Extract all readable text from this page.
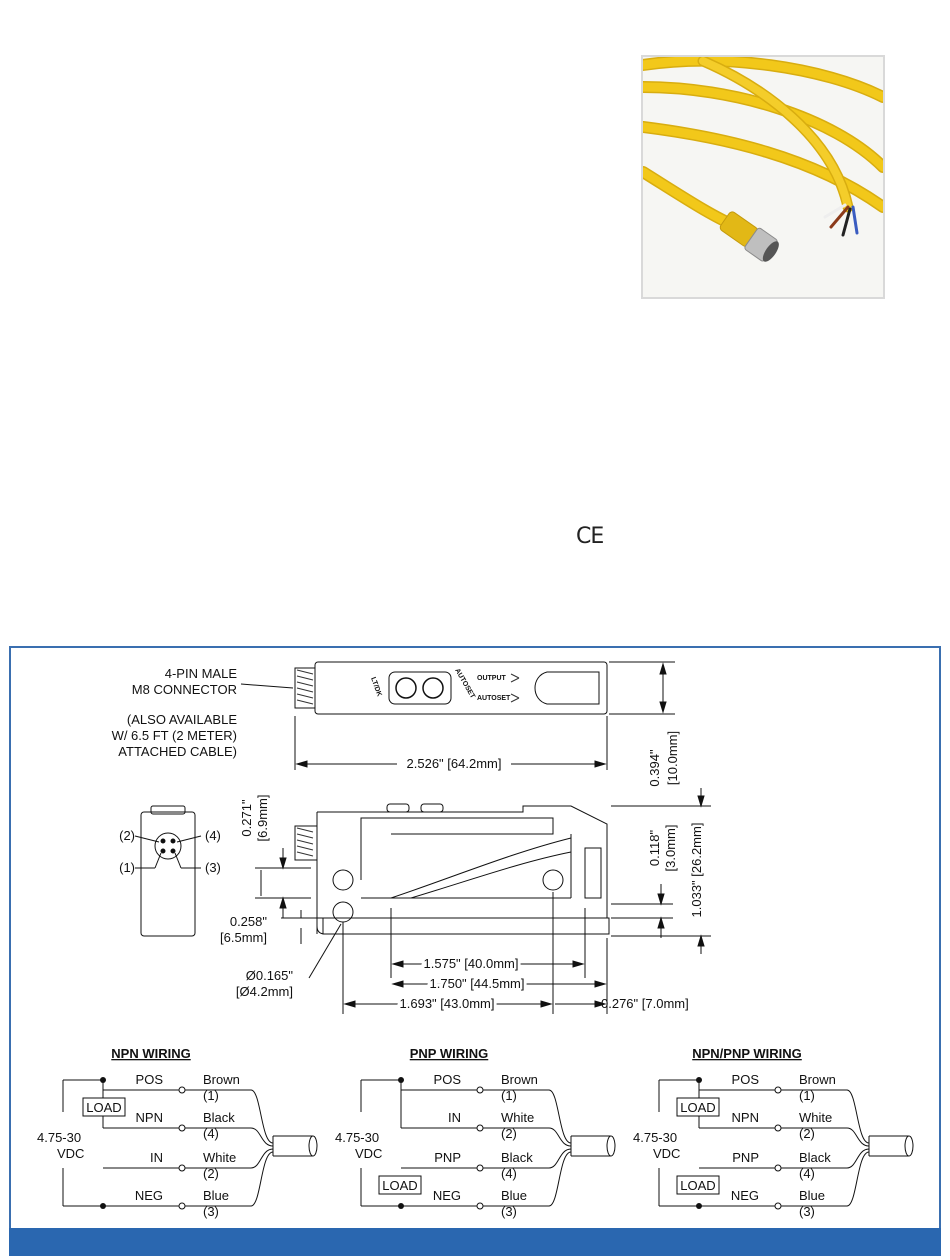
CE
4-PIN MALE
M8 CONNECTOR
(ALSO AVAILABLE
W/ 6.5 FT (2 METER)
ATTACHED CABLE)
LT/DK	AUTOSET OUTPUT
AUTOSET
2.526" [64.2mm]	0.394" [10.0mm]
(2)	(4)
(1)	(3)
0.271" [6.9mm]
0.118" [3.0mm] 1.033" [26.2mm]
0.258"
[6.5mm]
Ø0.165"
[Ø4.2mm]
1.575" [40.0mm]
1.750" [44.5mm]
1.693" [43.0mm]	0.276" [7.0mm]
NPN WIRING
4.75-30
VDC
POS	Brown
(1)
NPN	Black
(4)
IN	White
(2)
NEG	Blue
(3)
LOAD
PNP WIRING
4.75-30
VDC
POS	Brown
(1)
IN	White
(2)
PNP	Black
(4)
NEG	Blue
(3)
LOAD
NPN/PNP WIRING
4.75-30
VDC
POS	Brown
(1)
NPN	White
(2)
PNP	Black
(4)
NEG	Blue
(3)
LOAD
LOAD
